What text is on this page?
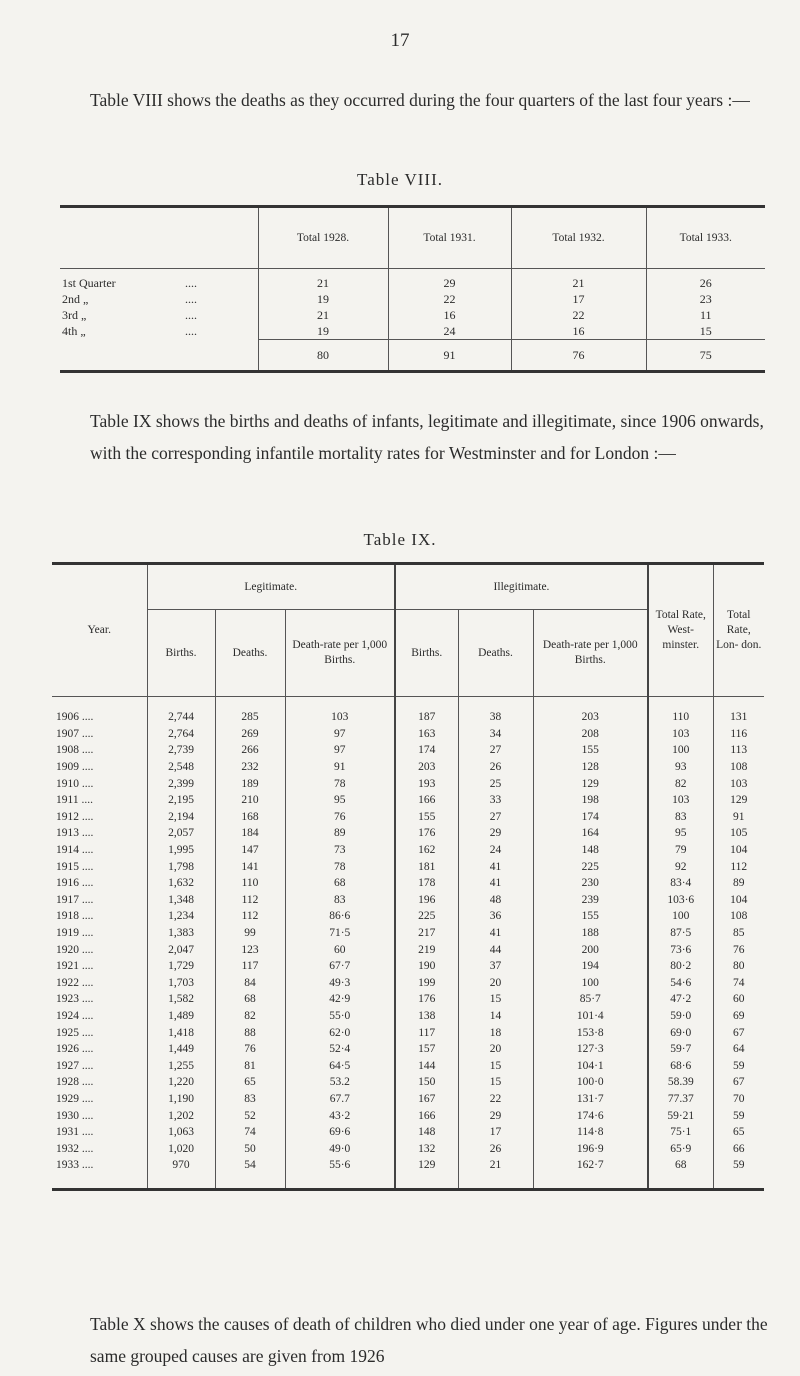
17

Table VIII shows the deaths as they occurred during the four quarters of the last four years :—

Table VIII.
	Total 1928.	Total 1931.	Total 1932.	Total 1933.
1st Quarter ....	21	29	21	26
2nd „ ....	19	22	17	23
3rd „ ....	21	16	22	11
4th „ ....	19	24	16	15
	80	91	76	75

Table IX shows the births and deaths of infants, legitimate and illegitimate, since 1906 onwards, with the corresponding infantile mortality rates for Westminster and for London :—

Table IX.
Year.	Legitimate.			Illegitimate.			Total Rate, West- minster.	Total Rate, Lon- don.
	Births.	Deaths.	Death-rate per 1,000 Births.	Births.	Deaths.	Death-rate per 1,000 Births.		
1906 ....	2,744	285	103	187	38	203	110	131
1907 ....	2,764	269	97	163	34	208	103	116
1908 ....	2,739	266	97	174	27	155	100	113
1909 ....	2,548	232	91	203	26	128	93	108
1910 ....	2,399	189	78	193	25	129	82	103
1911 ....	2,195	210	95	166	33	198	103	129
1912 ....	2,194	168	76	155	27	174	83	91
1913 ....	2,057	184	89	176	29	164	95	105
1914 ....	1,995	147	73	162	24	148	79	104
1915 ....	1,798	141	78	181	41	225	92	112
1916 ....	1,632	110	68	178	41	230	83·4	89
1917 ....	1,348	112	83	196	48	239	103·6	104
1918 ....	1,234	112	86·6	225	36	155	100	108
1919 ....	1,383	99	71·5	217	41	188	87·5	85
1920 ....	2,047	123	60	219	44	200	73·6	76
1921 ....	1,729	117	67·7	190	37	194	80·2	80
1922 ....	1,703	84	49·3	199	20	100	54·6	74
1923 ....	1,582	68	42·9	176	15	85·7	47·2	60
1924 ....	1,489	82	55·0	138	14	101·4	59·0	69
1925 ....	1,418	88	62·0	117	18	153·8	69·0	67
1926 ....	1,449	76	52·4	157	20	127·3	59·7	64
1927 ....	1,255	81	64·5	144	15	104·1	68·6	59
1928 ....	1,220	65	53.2	150	15	100·0	58.39	67
1929 ....	1,190	83	67.7	167	22	131·7	77.37	70
1930 ....	1,202	52	43·2	166	29	174·6	59·21	59
1931 ....	1,063	74	69·6	148	17	114·8	75·1	65
1932 ....	1,020	50	49·0	132	26	196·9	65·9	66
1933 ....	970	54	55·6	129	21	162·7	68	59

Table X shows the causes of death of children who died under one year of age. Figures under the same grouped causes are given from 1926
